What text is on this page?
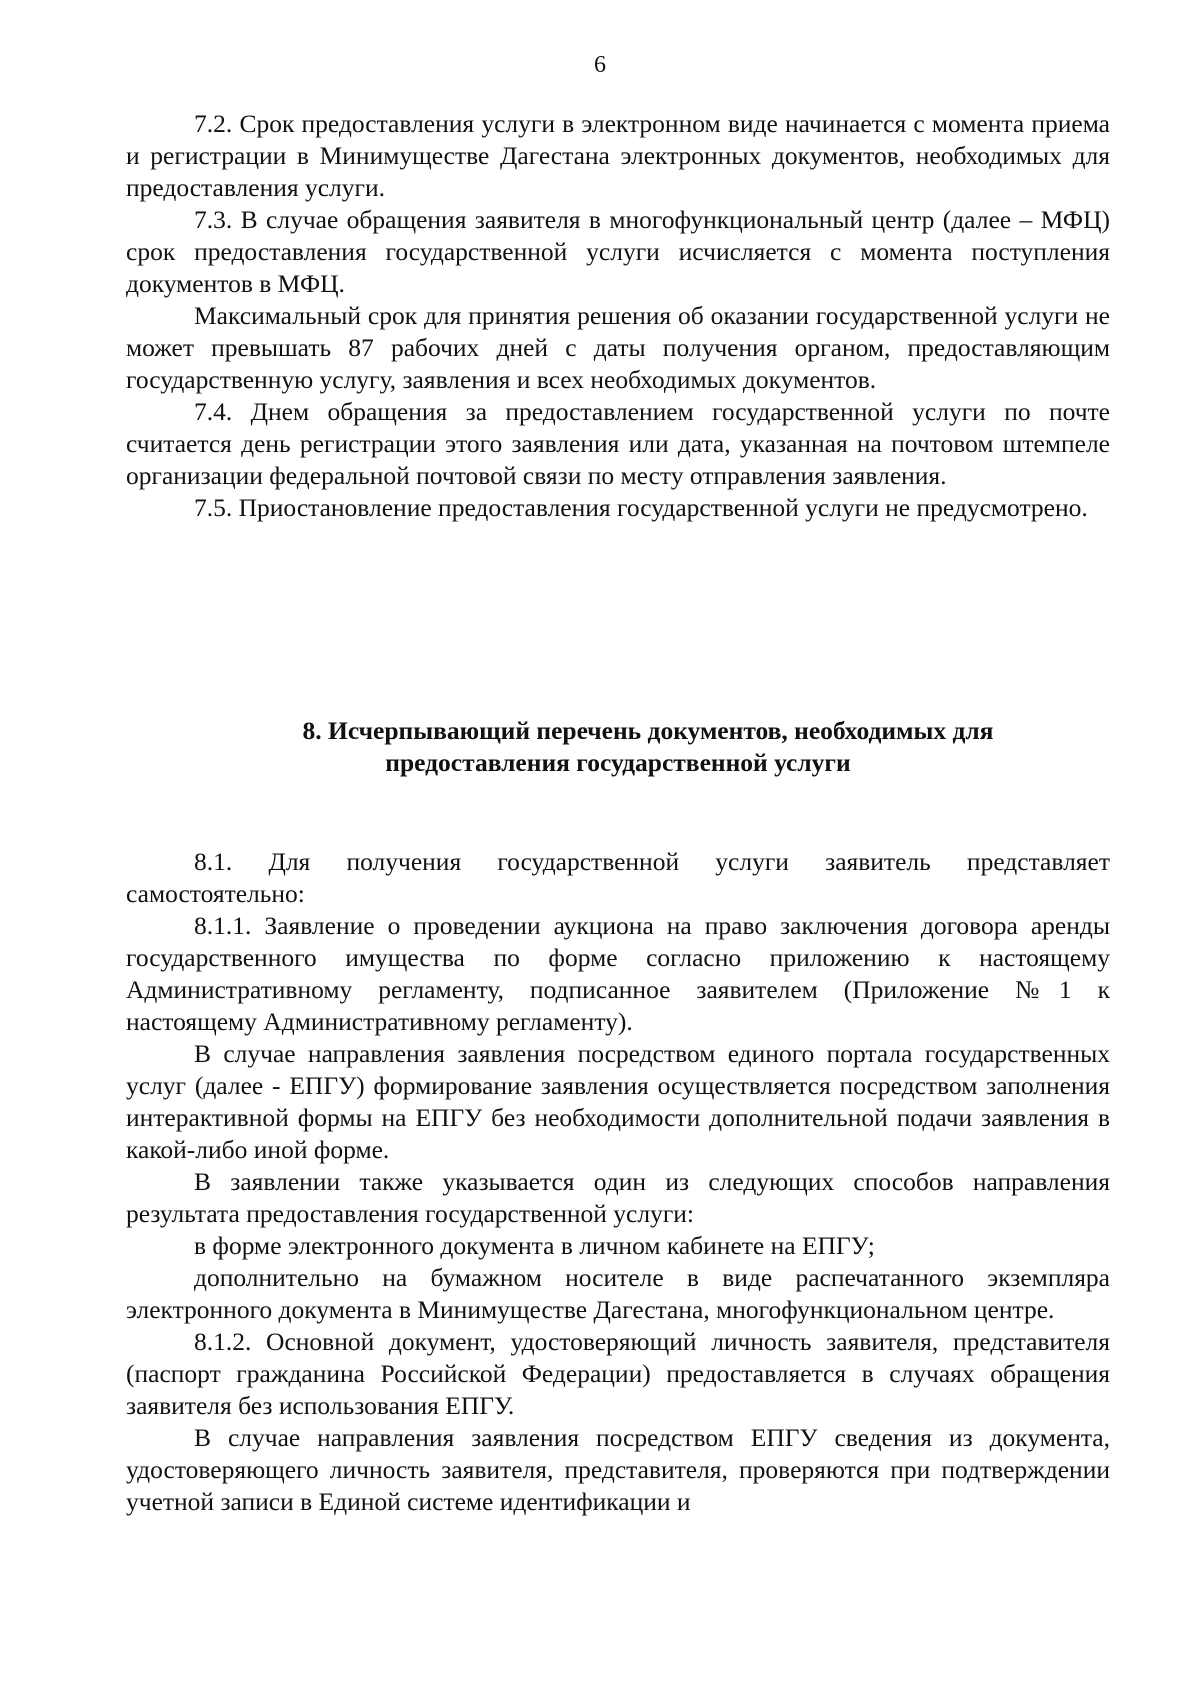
6

7.2. Срок предоставления услуги в электронном виде начинается с момента приема и регистрации в Минимуществе Дагестана электронных документов, необходимых для предоставления услуги.

7.3. В случае обращения заявителя в многофункциональный центр (далее – МФЦ) срок предоставления государственной услуги исчисляется с момента поступления документов в МФЦ.

Максимальный срок для принятия решения об оказании государственной услуги не может превышать 87 рабочих дней с даты получения органом, предоставляющим государственную услугу, заявления и всех необходимых документов.

7.4. Днем обращения за предоставлением государственной услуги по почте считается день регистрации этого заявления или дата, указанная на почтовом штемпеле организации федеральной почтовой связи по месту отправления заявления.

7.5. Приостановление предоставления государственной услуги не предусмотрено.

8. Исчерпывающий перечень документов, необходимых для
предоставления государственной услуги

8.1. Для получения государственной услуги заявитель представляет самостоятельно:

8.1.1. Заявление о проведении аукциона на право заключения договора аренды государственного имущества по форме согласно приложению к настоящему Административному регламенту, подписанное заявителем (Приложение №1 к настоящему Административному регламенту).

В случае направления заявления посредством единого портала государственных услуг (далее - ЕПГУ) формирование заявления осуществляется посредством заполнения интерактивной формы на ЕПГУ без необходимости дополнительной подачи заявления в какой-либо иной форме.

В заявлении также указывается один из следующих способов направления результата предоставления государственной услуги:

в форме электронного документа в личном кабинете на ЕПГУ;

дополнительно на бумажном носителе в виде распечатанного экземпляра электронного документа в Минимуществе Дагестана, многофункциональном центре.

8.1.2. Основной документ, удостоверяющий личность заявителя, представителя (паспорт гражданина Российской Федерации) предоставляется в случаях обращения заявителя без использования ЕПГУ.

В случае направления заявления посредством ЕПГУ сведения из документа, удостоверяющего личность заявителя, представителя, проверяются при подтверждении учетной записи в Единой системе идентификации и
